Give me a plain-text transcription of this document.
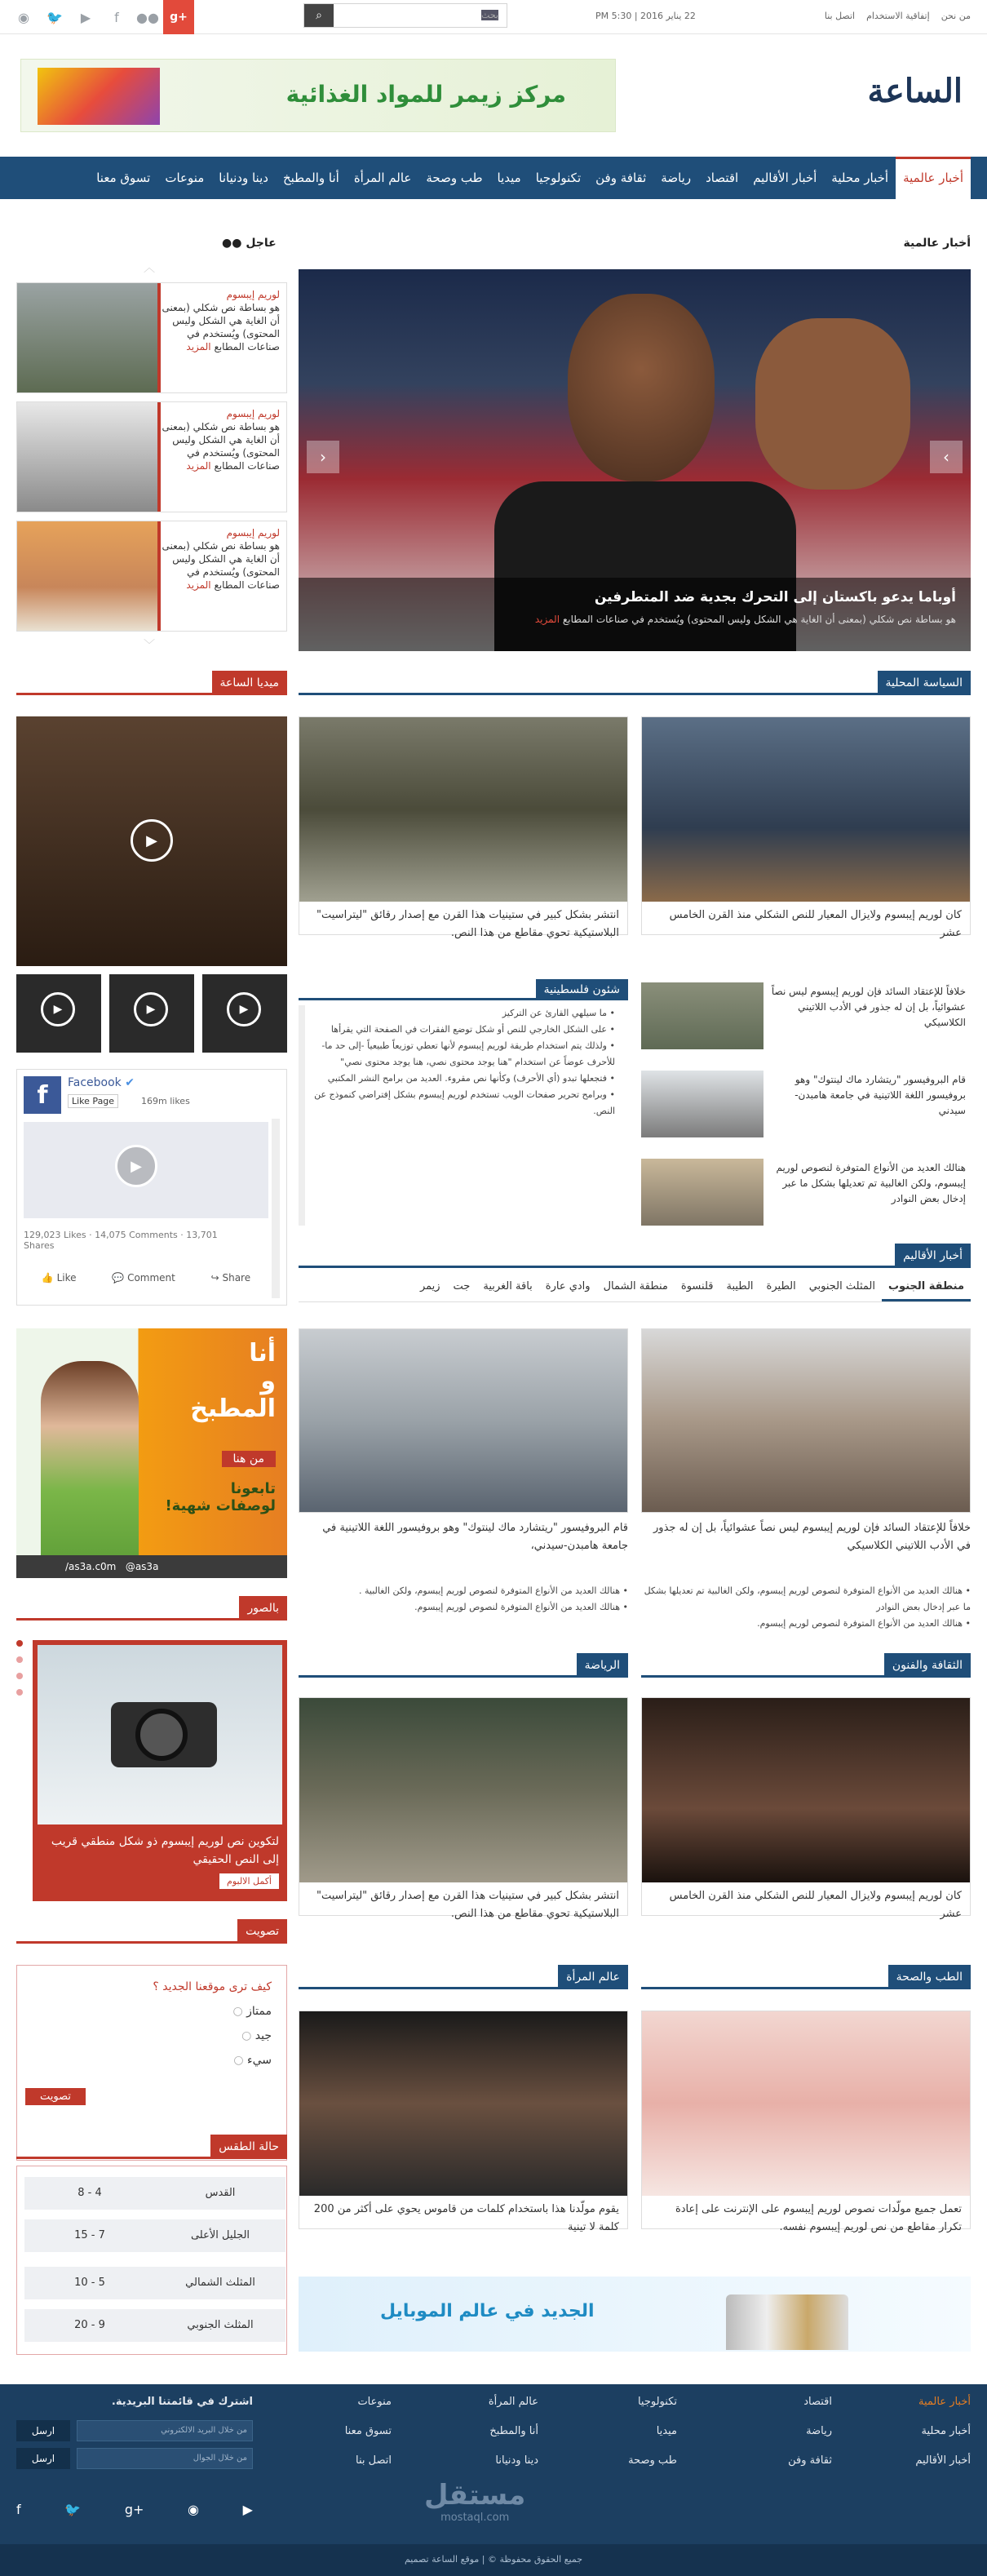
◉	🐦	▶	f	●● g+	⌕	بحث	22 يناير 2016 | 5:30 PM	من نحن
إتفاقية الاستخدام
اتصل بنا
الساعة
مركز زيمر للمواد الغذائية
أخبار عالمية
أخبار محلية
أخبار الأقاليم
اقتصاد
رياضة
ثقافة وفن
تكنولوجيا
ميديا
طب وصحة
عالم المرأة
أنا والمطبخ
دينا ودنيانا
منوعات
تسوق معنا
أخبار عالمية
›
‹
أوباما يدعو باكستان إلى التحرك بجدية ضد المتطرفين
هو بساطة نص شكلي (بمعنى أن الغاية هي الشكل وليس المحتوى) ويُستخدم في صناعات المطابع المزيد
عاجل ●●
︿
لوريم إيبسوم
هو بساطة نص شكلي (بمعنى أن الغاية هي الشكل وليس المحتوى) ويُستخدم في صناعات المطابع المزيد
لوريم إيبسوم
هو بساطة نص شكلي (بمعنى أن الغاية هي الشكل وليس المحتوى) ويُستخدم في صناعات المطابع المزيد
لوريم إيبسوم
هو بساطة نص شكلي (بمعنى أن الغاية هي الشكل وليس المحتوى) ويُستخدم في صناعات المطابع المزيد
﹀
ميديا الساعة
▶
▶	▶	▶
f	Facebook ✔
Like Page	169m likes
▶
129,023 Likes · 14,075 Comments · 13,701 Shares
👍 Like	💬 Comment	↪ Share
السياسة المحلية
كان لوريم إيبسوم ولايزال المعيار للنص الشكلي منذ القرن الخامس عشر
انتشر بشكل كبير في ستينيات هذا القرن مع إصدار رقائق "ليتراسيت" البلاستيكية تحوي مقاطع من هذا النص.
خلافاً للإعتقاد السائد فإن لوريم إيبسوم ليس نصاً عشوائياً، بل إن له جذور في الأدب اللاتيني الكلاسيكي
قام البروفيسور "ريتشارد ماك لينتوك" وهو بروفيسور اللغة اللاتينية في جامعة هامبدن-سيدني
هنالك العديد من الأنواع المتوفرة لنصوص لوريم إيبسوم، ولكن الغالبية تم تعديلها بشكل ما عبر إدخال بعض النوادر
شئون فلسطينية
• ما سيلهي القارئ عن التركيز
• على الشكل الخارجي للنص أو شكل توضع الفقرات في الصفحة التي يقرأها
• ولذلك يتم استخدام طريقة لوريم إيبسوم لأنها تعطي توزيعاً طبيعياً -إلى حد ما- للأحرف عوضاً عن استخدام "هنا يوجد محتوى نصي، هنا يوجد محتوى نصي"
• فتجعلها تبدو (أي الأحرف) وكأنها نص مقروء. العديد من برامح النشر المكتبي
• وبرامح تحرير صفحات الويب تستخدم لوريم إيبسوم بشكل إفتراضي كنموذج عن النص.
أخبار الأقاليم
منطقة الجنوب
المثلث الجنوبي
الطيرة
الطيبة
قلنسوة
منطقة الشمال
وادي عارة
باقة الغربية
جت
زيمر
خلافاً للإعتقاد السائد فإن لوريم إيبسوم ليس نصاً عشوائياً، بل إن له جذور في الأدب اللاتيني الكلاسيكي
• هنالك العديد من الأنواع المتوفرة لنصوص لوريم إيبسوم، ولكن الغالبية تم تعديلها بشكل ما عبر إدخال بعض النوادر
• هنالك العديد من الأنواع المتوفرة لنصوص لوريم إيبسوم.
قام البروفيسور "ريتشارد ماك لينتوك" وهو بروفيسور اللغة اللاتينية في جامعة هامبدن-سيدني،
• هنالك العديد من الأنواع المتوفرة لنصوص لوريم إيبسوم، ولكن الغالبية .
• هنالك العديد من الأنواع المتوفرة لنصوص لوريم إيبسوم.
أنا
و
المطبخ
من هنا
تابعونا
لوصفات شهية!
/as3a.c0m @as3a
بالصور
لتكوين نص لوريم إيبسوم ذو شكل منطقي قريب إلى النص الحقيقي
أكمل الالبوم
الثقافة والفنون
كان لوريم إيبسوم ولايزال المعيار للنص الشكلي منذ القرن الخامس عشر
الرياضة
انتشر بشكل كبير في ستينيات هذا القرن مع إصدار رقائق "ليتراسيت" البلاستيكية تحوي مقاطع من هذا النص.
تصويت
كيف ترى موقعنا الجديد ؟
ممتاز ○
جيد ○
سيء ○
تصويت
الطب والصحة
تعمل جميع مولّدات نصوص لوريم إيبسوم على الإنترنت على إعادة تكرار مقاطع من نص لوريم إيبسوم نفسه.
عالم المرأة
يقوم مولّدنا هذا باستخدام كلمات من قاموس يحوي على أكثر من 200 كلمة لا تينية
حالة الطقس
القدس
4 - 8
الجليل الأعلى
7 - 15
المثلث الشمالي
5 - 10
المثلث الجنوبي
9 - 20
الجديد في عالم الموبايل
أخبار عالمية
أخبار محلية
أخبار الأقاليم
اقتصاد
رياضة
ثقافة وفن
تكنولوجيا
ميديا
طب وصحة
عالم المرأة
أنا والمطبخ
دينا ودنيانا
منوعات
تسوق معنا
اتصل بنا
اشترك في قائمتنا البريدية.
من خلال البريد الالكتروني
ارسل
من خلال الجوال
ارسل
f	🐦	g+	◉	▶	مستقل
mostaql.com
جميع الحقوق محفوظة © | موقع الساعة تصميم
